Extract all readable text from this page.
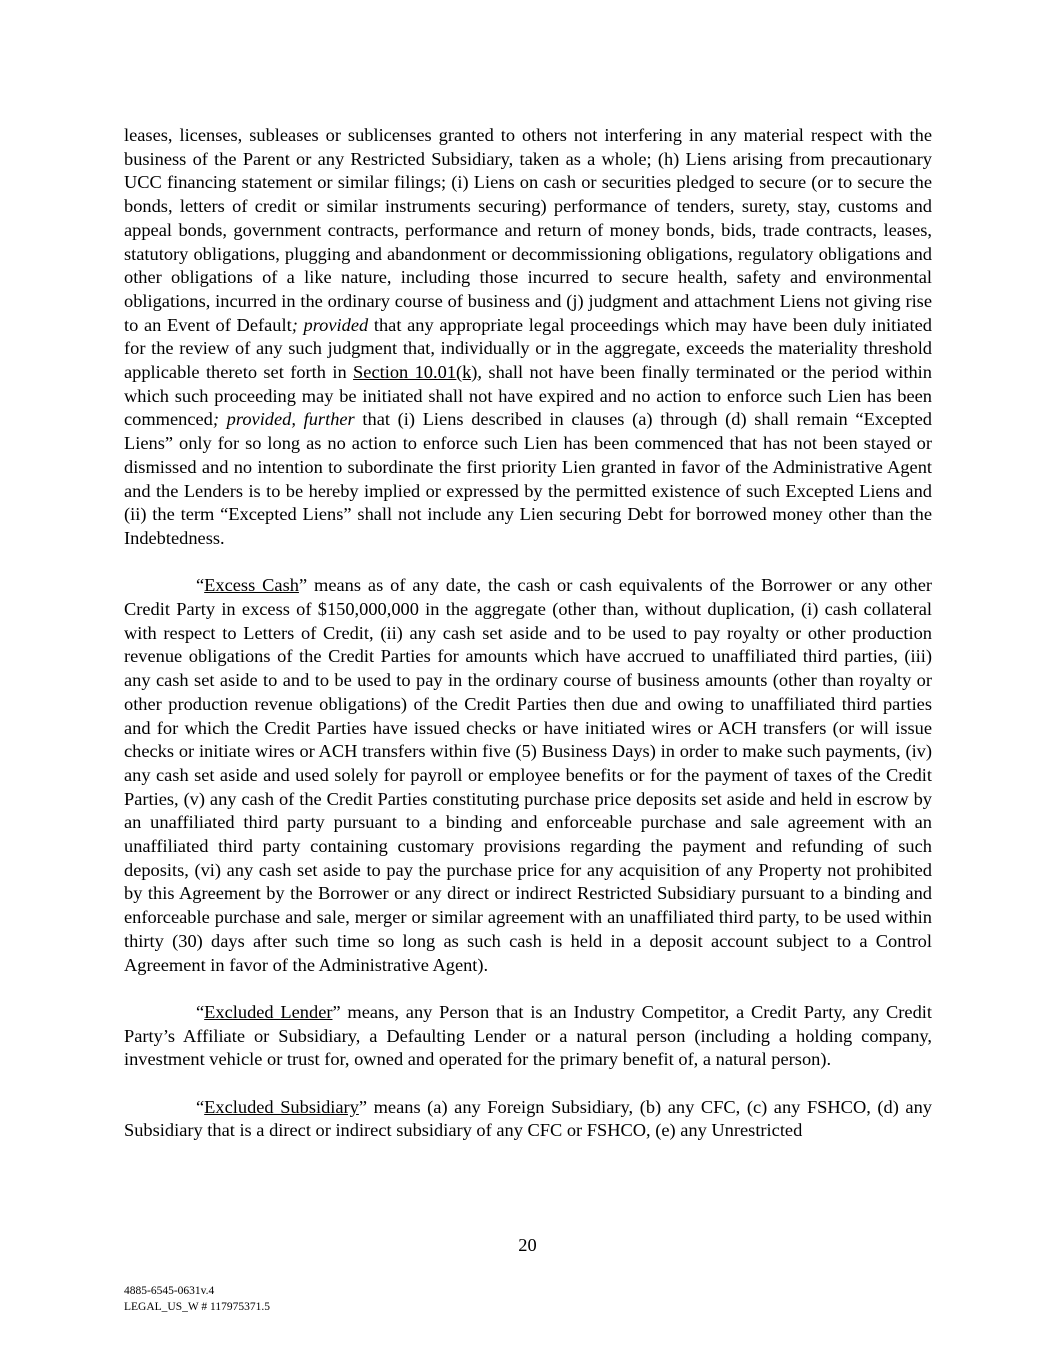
leases, licenses, subleases or sublicenses granted to others not interfering in any material respect with the business of the Parent or any Restricted Subsidiary, taken as a whole; (h) Liens arising from precautionary UCC financing statement or similar filings; (i) Liens on cash or securities pledged to secure (or to secure the bonds, letters of credit or similar instruments securing) performance of tenders, surety, stay, customs and appeal bonds, government contracts, performance and return of money bonds, bids, trade contracts, leases, statutory obligations, plugging and abandonment or decommissioning obligations, regulatory obligations and other obligations of a like nature, including those incurred to secure health, safety and environmental obligations, incurred in the ordinary course of business and (j) judgment and attachment Liens not giving rise to an Event of Default; provided that any appropriate legal proceedings which may have been duly initiated for the review of any such judgment that, individually or in the aggregate, exceeds the materiality threshold applicable thereto set forth in Section 10.01(k), shall not have been finally terminated or the period within which such proceeding may be initiated shall not have expired and no action to enforce such Lien has been commenced; provided, further that (i) Liens described in clauses (a) through (d) shall remain “Excepted Liens” only for so long as no action to enforce such Lien has been commenced that has not been stayed or dismissed and no intention to subordinate the first priority Lien granted in favor of the Administrative Agent and the Lenders is to be hereby implied or expressed by the permitted existence of such Excepted Liens and (ii) the term “Excepted Liens” shall not include any Lien securing Debt for borrowed money other than the Indebtedness.

“Excess Cash” means as of any date, the cash or cash equivalents of the Borrower or any other Credit Party in excess of $150,000,000 in the aggregate (other than, without duplication, (i) cash collateral with respect to Letters of Credit, (ii) any cash set aside and to be used to pay royalty or other production revenue obligations of the Credit Parties for amounts which have accrued to unaffiliated third parties, (iii) any cash set aside to and to be used to pay in the ordinary course of business amounts (other than royalty or other production revenue obligations) of the Credit Parties then due and owing to unaffiliated third parties and for which the Credit Parties have issued checks or have initiated wires or ACH transfers (or will issue checks or initiate wires or ACH transfers within five (5) Business Days) in order to make such payments, (iv) any cash set aside and used solely for payroll or employee benefits or for the payment of taxes of the Credit Parties, (v) any cash of the Credit Parties constituting purchase price deposits set aside and held in escrow by an unaffiliated third party pursuant to a binding and enforceable purchase and sale agreement with an unaffiliated third party containing customary provisions regarding the payment and refunding of such deposits, (vi) any cash set aside to pay the purchase price for any acquisition of any Property not prohibited by this Agreement by the Borrower or any direct or indirect Restricted Subsidiary pursuant to a binding and enforceable purchase and sale, merger or similar agreement with an unaffiliated third party, to be used within thirty (30) days after such time so long as such cash is held in a deposit account subject to a Control Agreement in favor of the Administrative Agent).

“Excluded Lender” means, any Person that is an Industry Competitor, a Credit Party, any Credit Party’s Affiliate or Subsidiary, a Defaulting Lender or a natural person (including a holding company, investment vehicle or trust for, owned and operated for the primary benefit of, a natural person).

“Excluded Subsidiary” means (a) any Foreign Subsidiary, (b) any CFC, (c) any FSHCO, (d) any Subsidiary that is a direct or indirect subsidiary of any CFC or FSHCO, (e) any Unrestricted

20
4885-6545-0631v.4
LEGAL_US_W # 117975371.5
